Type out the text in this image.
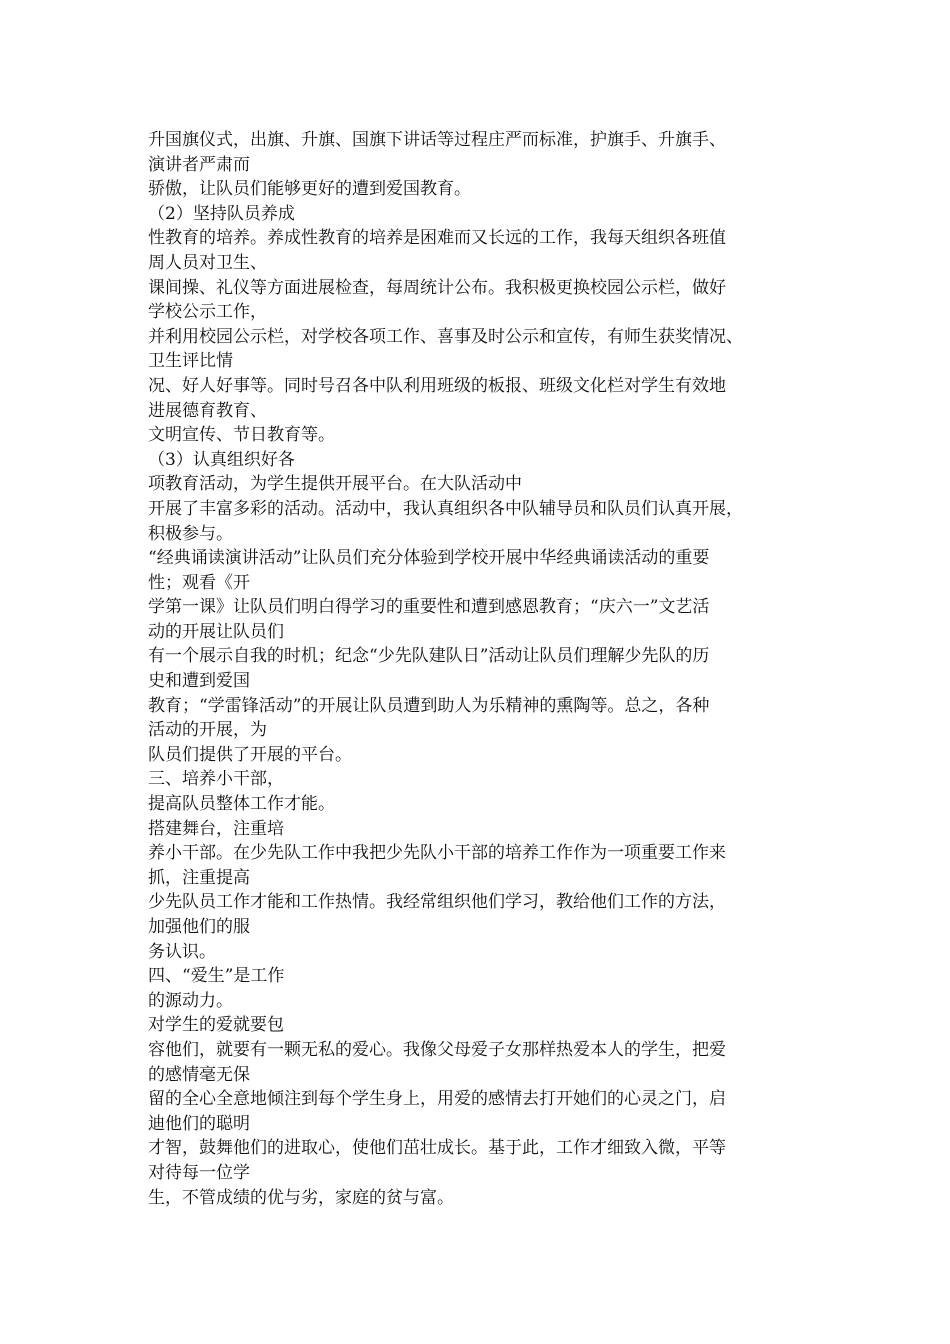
升国旗仪式，出旗、升旗、国旗下讲话等过程庄严而标准，护旗手、升旗手、
演讲者严肃而
骄傲，让队员们能够更好的遭到爱国教育。
（2）坚持队员养成
性教育的培养。养成性教育的培养是困难而又长远的工作，我每天组织各班值
周人员对卫生、
课间操、礼仪等方面进展检查，每周统计公布。我积极更换校园公示栏，做好
学校公示工作，
并利用校园公示栏，对学校各项工作、喜事及时公示和宣传，有师生获奖情况、
卫生评比情
况、好人好事等。同时号召各中队利用班级的板报、班级文化栏对学生有效地
进展德育教育、
文明宣传、节日教育等。
（3）认真组织好各
项教育活动，为学生提供开展平台。在大队活动中
开展了丰富多彩的活动。活动中，我认真组织各中队辅导员和队员们认真开展，
积极参与。
“经典诵读演讲活动”让队员们充分体验到学校开展中华经典诵读活动的重要
性；观看《开
学第一课》让队员们明白得学习的重要性和遭到感恩教育；“庆六一”文艺活
动的开展让队员们
有一个展示自我的时机；纪念“少先队建队日”活动让队员们理解少先队的历
史和遭到爱国
教育；“学雷锋活动”的开展让队员遭到助人为乐精神的熏陶等。总之，各种
活动的开展，为
队员们提供了开展的平台。
三、培养小干部，
提高队员整体工作才能。
搭建舞台，注重培
养小干部。在少先队工作中我把少先队小干部的培养工作作为一项重要工作来
抓，注重提高
少先队员工作才能和工作热情。我经常组织他们学习，教给他们工作的方法，
加强他们的服
务认识。
四、“爱生”是工作
的源动力。
对学生的爱就要包
容他们，就要有一颗无私的爱心。我像父母爱子女那样热爱本人的学生，把爱
的感情毫无保
留的全心全意地倾注到每个学生身上，用爱的感情去打开她们的心灵之门，启
迪他们的聪明
才智，鼓舞他们的进取心，使他们茁壮成长。基于此，工作才细致入微，平等
对待每一位学
生，不管成绩的优与劣，家庭的贫与富。
